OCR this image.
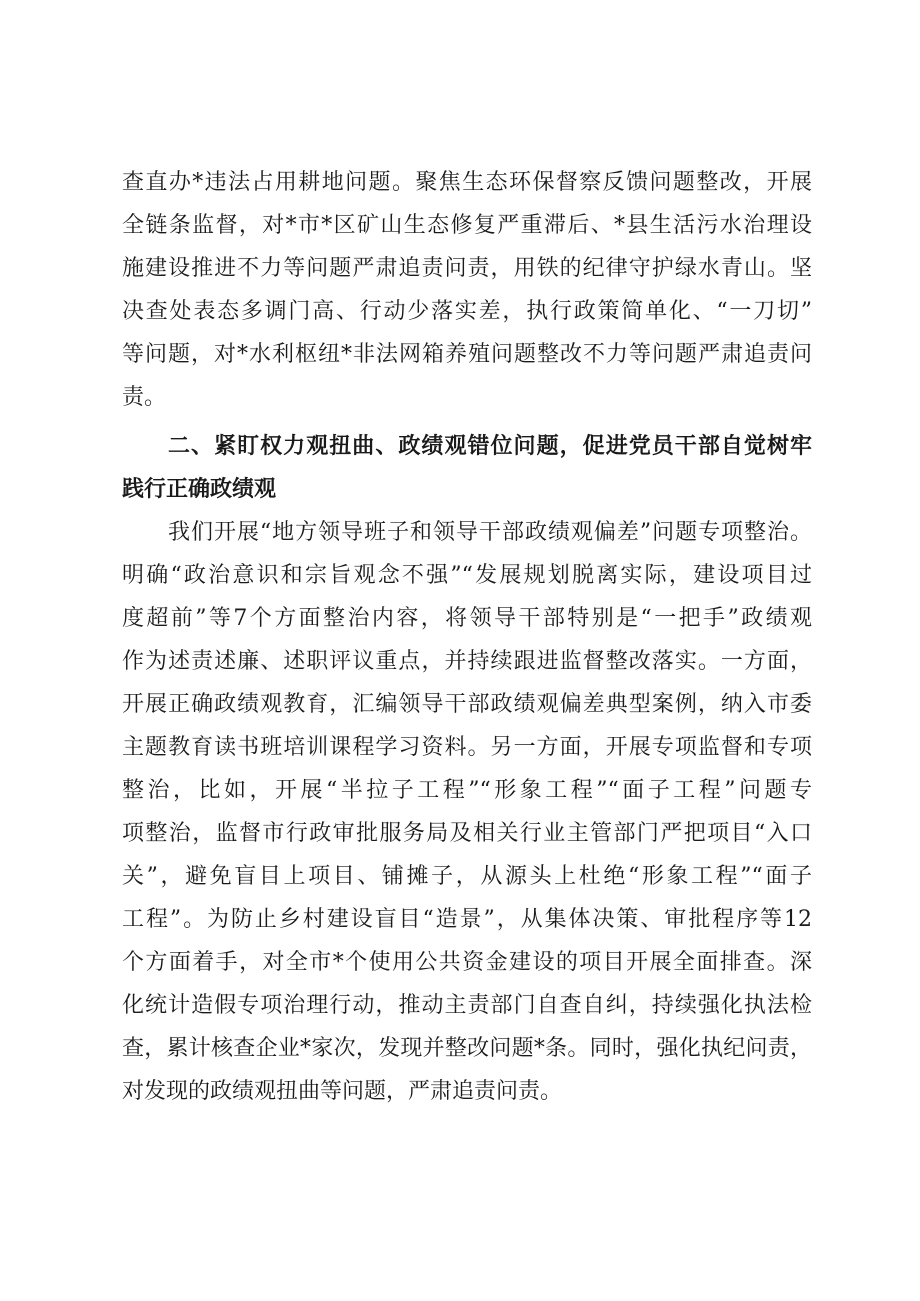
查直办*违法占用耕地问题。聚焦生态环保督察反馈问题整改，开展
全链条监督，对*市*区矿山生态修复严重滞后、*县生活污水治理设
施建设推进不力等问题严肃追责问责，用铁的纪律守护绿水青山。坚
决查处表态多调门高、行动少落实差，执行政策简单化、“一刀切”
等问题，对*水利枢纽*非法网箱养殖问题整改不力等问题严肃追责问
责。
二、紧盯权力观扭曲、政绩观错位问题，促进党员干部自觉树牢
践行正确政绩观
我们开展“地方领导班子和领导干部政绩观偏差”问题专项整治。
明确“政治意识和宗旨观念不强”“发展规划脱离实际，建设项目过
度超前”等7个方面整治内容，将领导干部特别是“一把手”政绩观
作为述责述廉、述职评议重点，并持续跟进监督整改落实。一方面，
开展正确政绩观教育，汇编领导干部政绩观偏差典型案例，纳入市委
主题教育读书班培训课程学习资料。另一方面，开展专项监督和专项
整治，比如，开展“半拉子工程”“形象工程”“面子工程”问题专
项整治，监督市行政审批服务局及相关行业主管部门严把项目“入口
关”，避免盲目上项目、铺摊子，从源头上杜绝“形象工程”“面子
工程”。为防止乡村建设盲目“造景”，从集体决策、审批程序等12
个方面着手，对全市*个使用公共资金建设的项目开展全面排查。深
化统计造假专项治理行动，推动主责部门自查自纠，持续强化执法检
查，累计核查企业*家次，发现并整改问题*条。同时，强化执纪问责，
对发现的政绩观扭曲等问题，严肃追责问责。
